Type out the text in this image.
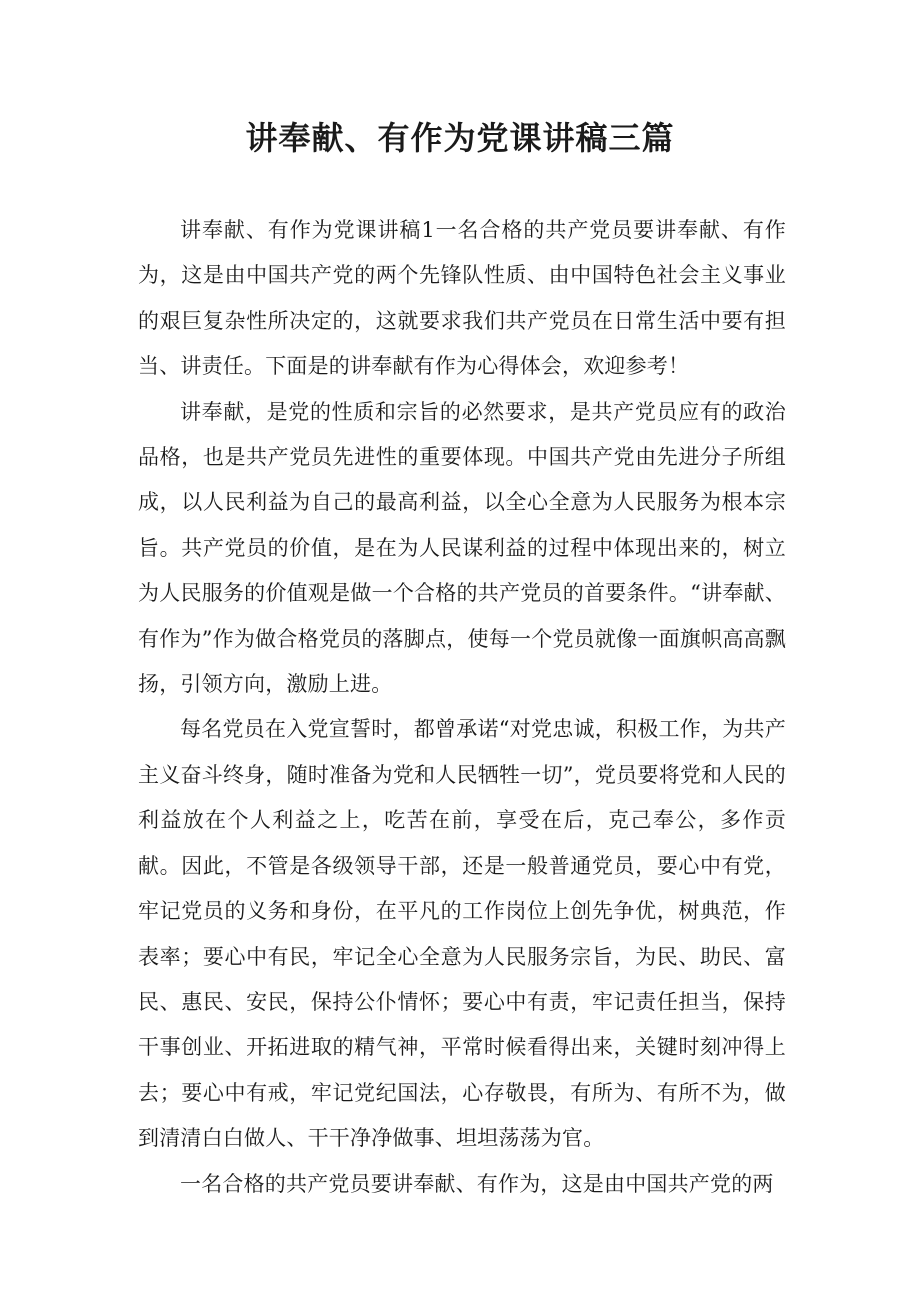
讲奉献、有作为党课讲稿三篇

讲奉献、有作为党课讲稿1一名合格的共产党员要讲奉献、有作为，这是由中国共产党的两个先锋队性质、由中国特色社会主义事业的艰巨复杂性所决定的，这就要求我们共产党员在日常生活中要有担当、讲责任。下面是的讲奉献有作为心得体会，欢迎参考！

讲奉献，是党的性质和宗旨的必然要求，是共产党员应有的政治品格，也是共产党员先进性的重要体现。中国共产党由先进分子所组成，以人民利益为自己的最高利益，以全心全意为人民服务为根本宗旨。共产党员的价值，是在为人民谋利益的过程中体现出来的，树立为人民服务的价值观是做一个合格的共产党员的首要条件。“讲奉献、有作为”作为做合格党员的落脚点，使每一个党员就像一面旗帜高高飘扬，引领方向，激励上进。

每名党员在入党宣誓时，都曾承诺“对党忠诚，积极工作，为共产主义奋斗终身，随时准备为党和人民牺牲一切”，党员要将党和人民的利益放在个人利益之上，吃苦在前，享受在后，克己奉公，多作贡献。因此，不管是各级领导干部，还是一般普通党员，要心中有党，牢记党员的义务和身份，在平凡的工作岗位上创先争优，树典范，作表率；要心中有民，牢记全心全意为人民服务宗旨，为民、助民、富民、惠民、安民，保持公仆情怀；要心中有责，牢记责任担当，保持干事创业、开拓进取的精气神，平常时候看得出来，关键时刻冲得上去；要心中有戒，牢记党纪国法，心存敬畏，有所为、有所不为，做到清清白白做人、干干净净做事、坦坦荡荡为官。

一名合格的共产党员要讲奉献、有作为，这是由中国共产党的两
